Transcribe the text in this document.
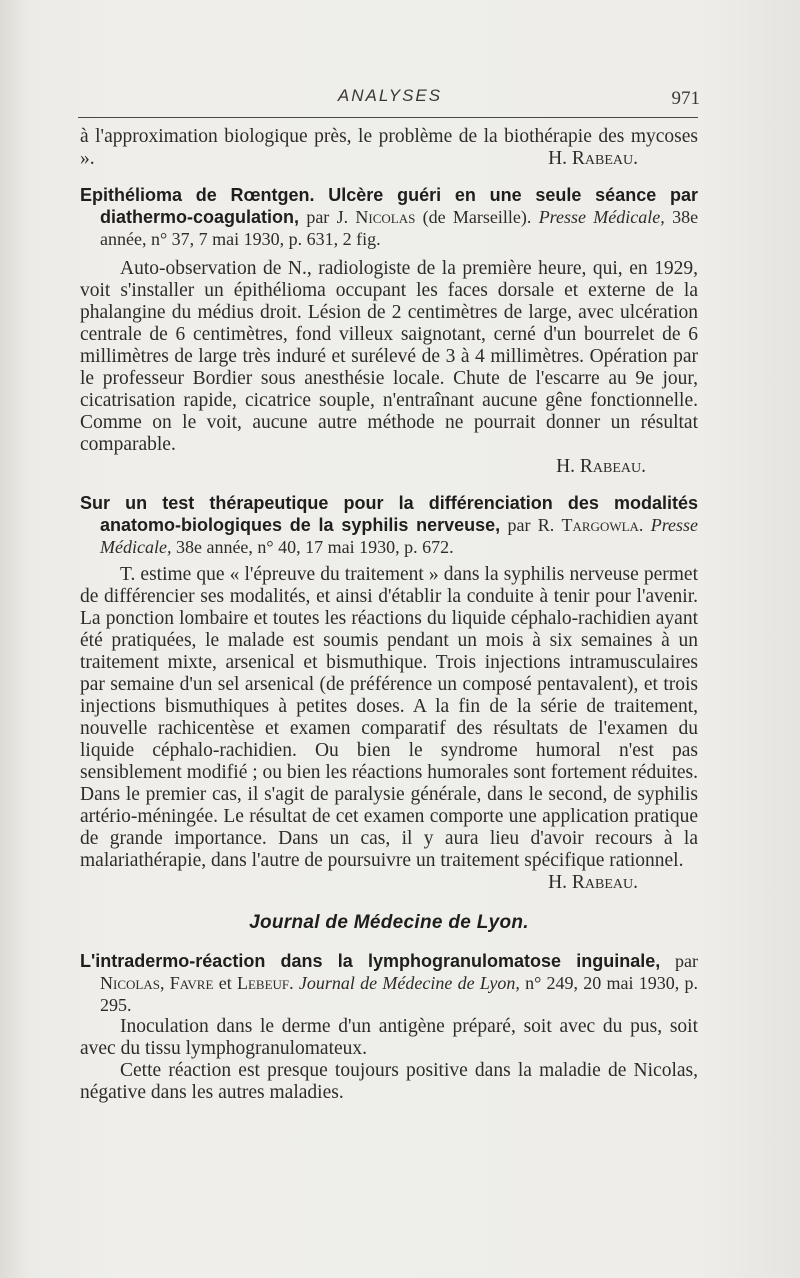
ANALYSES	971

à l'approximation biologique près, le problème de la biothérapie des mycoses ».	H. Rabeau.

Epithélioma de Rœntgen. Ulcère guéri en une seule séance par diathermo-coagulation, par J. Nicolas (de Marseille). Presse Médicale, 38e année, n° 37, 7 mai 1930, p. 631, 2 fig.

Auto-observation de N., radiologiste de la première heure, qui, en 1929, voit s'installer un épithélioma occupant les faces dorsale et externe de la phalangine du médius droit. Lésion de 2 centimètres de large, avec ulcération centrale de 6 centimètres, fond villeux saignotant, cerné d'un bourrelet de 6 millimètres de large très induré et surélevé de 3 à 4 millimètres. Opération par le professeur Bordier sous anesthésie locale. Chute de l'escarre au 9e jour, cicatrisation rapide, cicatrice souple, n'entraînant aucune gêne fonctionnelle. Comme on le voit, aucune autre méthode ne pourrait donner un résultat comparable.

H. Rabeau.

Sur un test thérapeutique pour la différenciation des modalités anatomo-biologiques de la syphilis nerveuse, par R. Targowla. Presse Médicale, 38e année, n° 40, 17 mai 1930, p. 672.

T. estime que « l'épreuve du traitement » dans la syphilis nerveuse permet de différencier ses modalités, et ainsi d'établir la conduite à tenir pour l'avenir. La ponction lombaire et toutes les réactions du liquide céphalo-rachidien ayant été pratiquées, le malade est soumis pendant un mois à six semaines à un traitement mixte, arsenical et bismuthique. Trois injections intramusculaires par semaine d'un sel arsenical (de préférence un composé pentavalent), et trois injections bismuthiques à petites doses. A la fin de la série de traitement, nouvelle rachicentèse et examen comparatif des résultats de l'examen du liquide céphalo-rachidien. Ou bien le syndrome humoral n'est pas sensiblement modifié ; ou bien les réactions humorales sont fortement réduites. Dans le premier cas, il s'agit de paralysie générale, dans le second, de syphilis artério-méningée. Le résultat de cet examen comporte une application pratique de grande importance. Dans un cas, il y aura lieu d'avoir recours à la malariathérapie, dans l'autre de poursuivre un traitement spécifique rationnel.
H. Rabeau.

Journal de Médecine de Lyon.

L'intradermo-réaction dans la lymphogranulomatose inguinale, par Nicolas, Favre et Lebeuf. Journal de Médecine de Lyon, n° 249, 20 mai 1930, p. 295.

Inoculation dans le derme d'un antigène préparé, soit avec du pus, soit avec du tissu lymphogranulomateux.

Cette réaction est presque toujours positive dans la maladie de Nicolas, négative dans les autres maladies.
